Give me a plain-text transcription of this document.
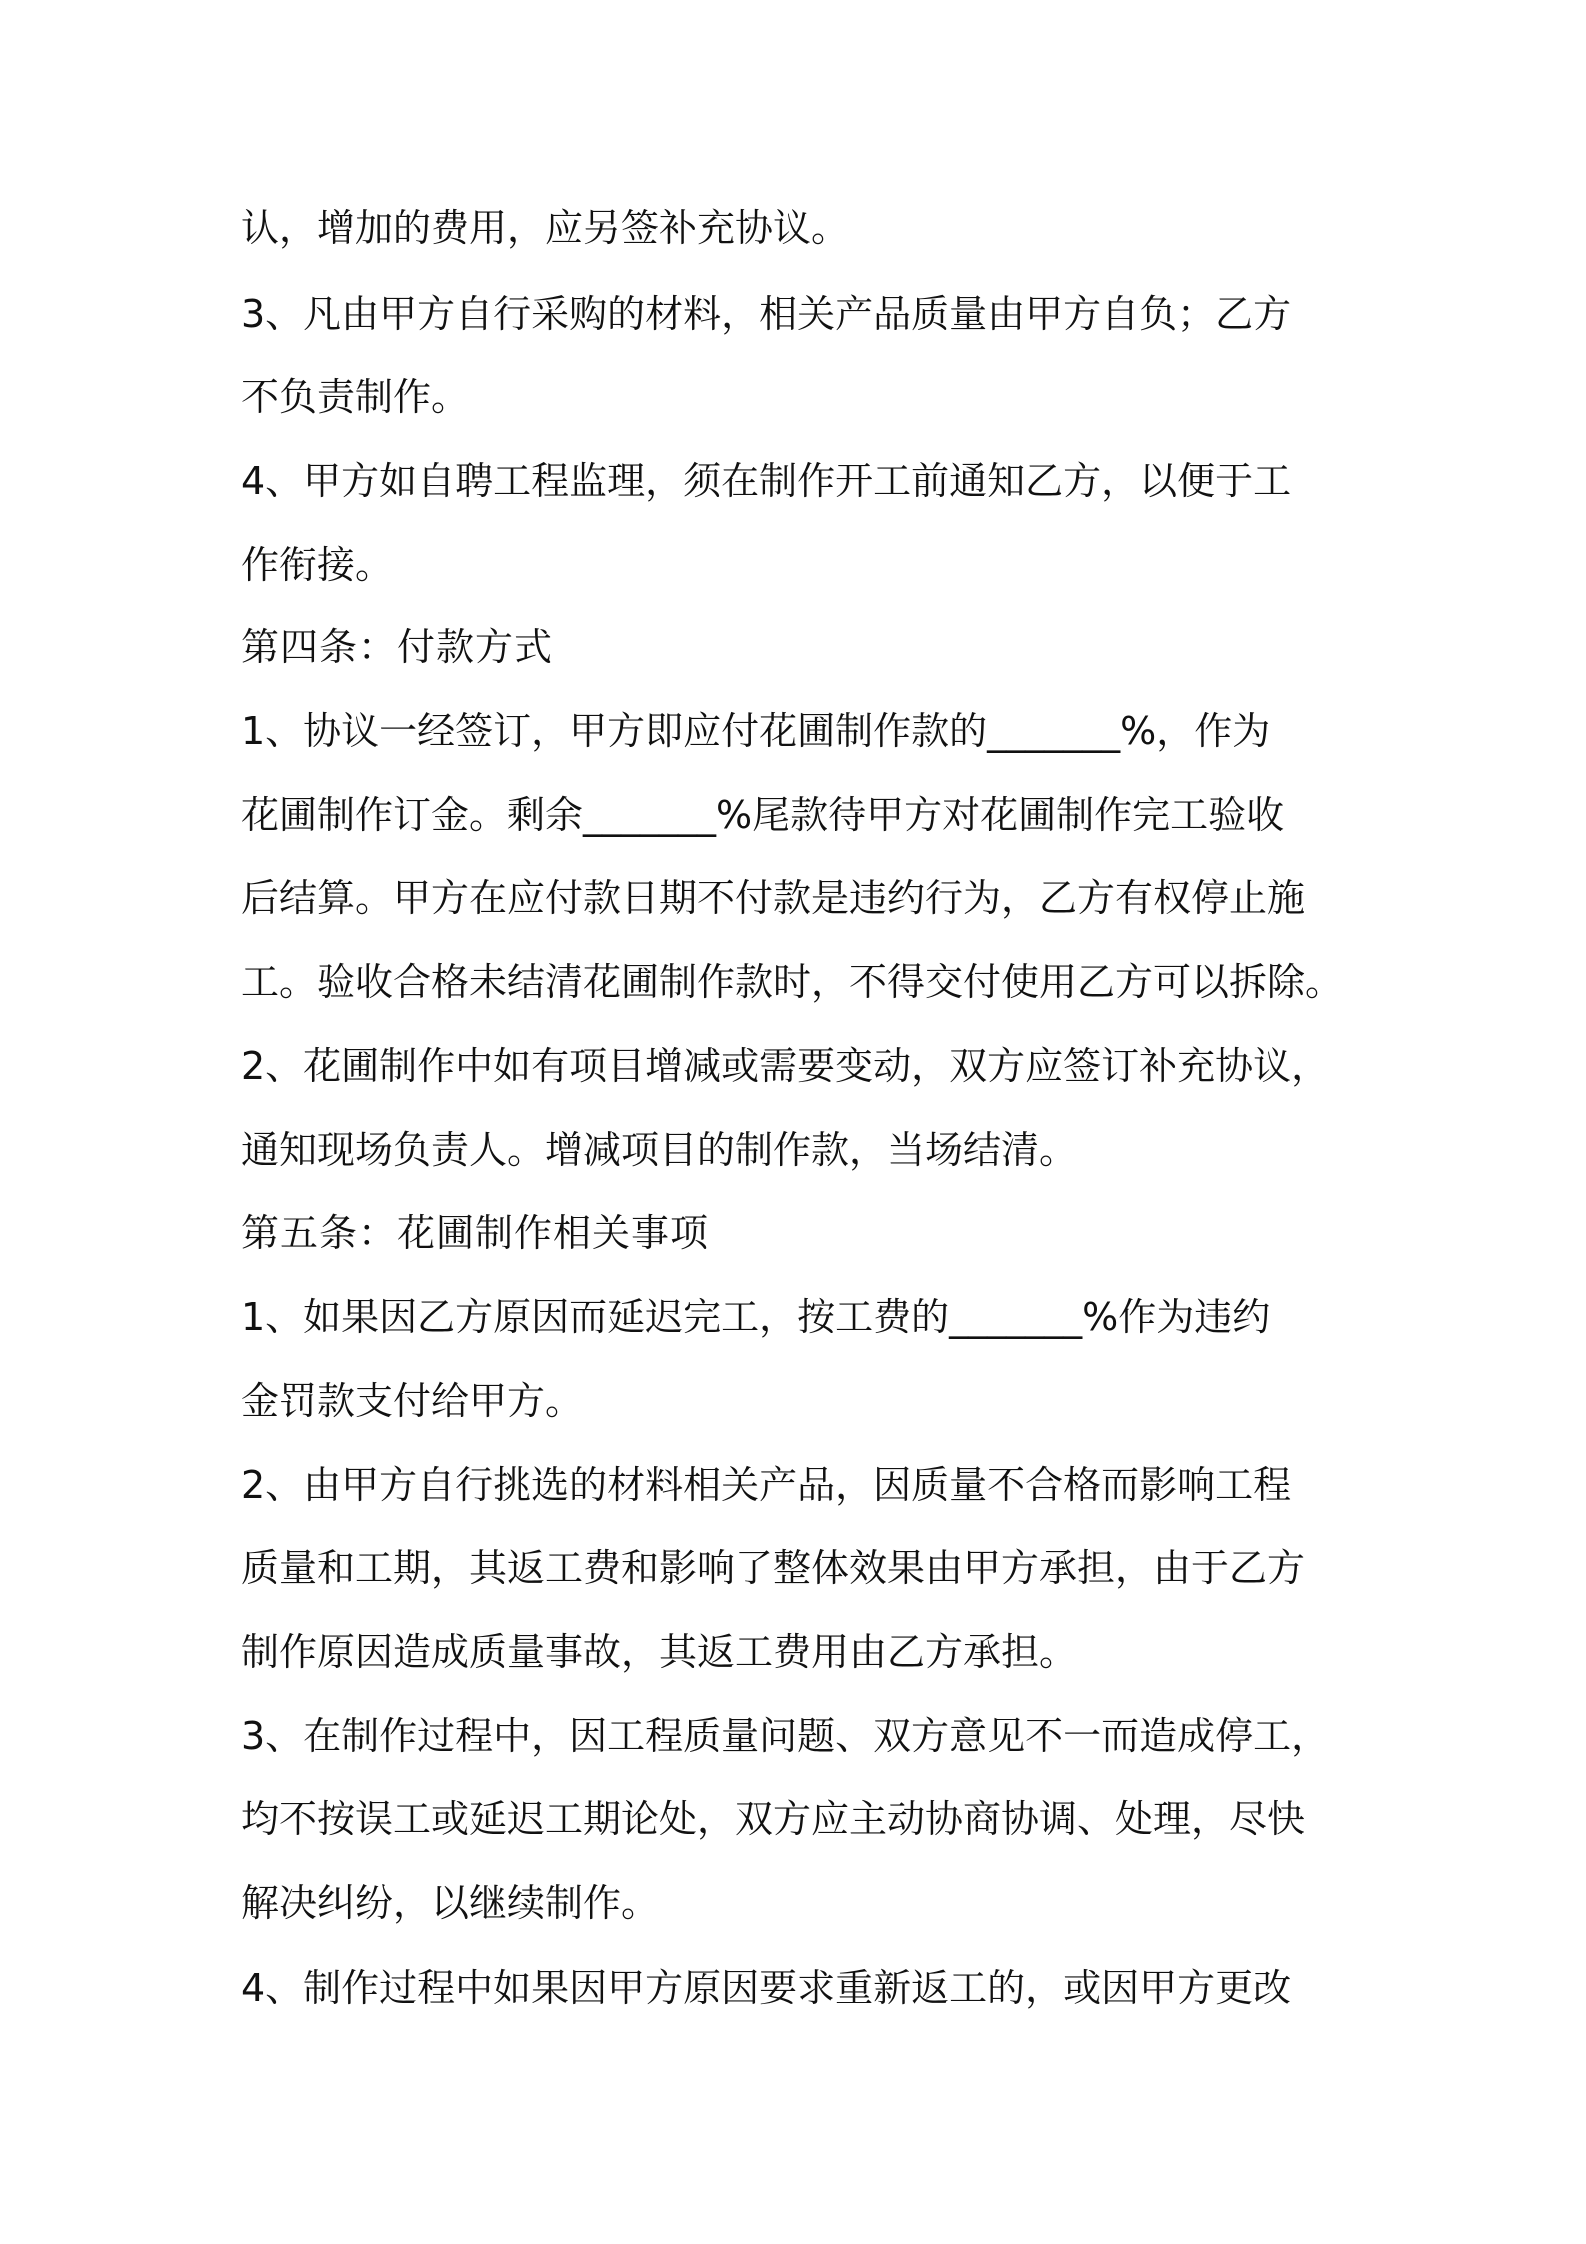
认，增加的费用，应另签补充协议。
3、凡由甲方自行采购的材料，相关产品质量由甲方自负；乙方
不负责制作。
4、甲方如自聘工程监理，须在制作开工前通知乙方，以便于工
作衔接。
第四条：付款方式
1、协议一经签订，甲方即应付花圃制作款的_______%，作为
花圃制作订金。剩余_______%尾款待甲方对花圃制作完工验收
后结算。甲方在应付款日期不付款是违约行为，乙方有权停止施
工。验收合格未结清花圃制作款时，不得交付使用乙方可以拆除。
2、花圃制作中如有项目增减或需要变动，双方应签订补充协议，
通知现场负责人。增减项目的制作款，当场结清。
第五条：花圃制作相关事项
1、如果因乙方原因而延迟完工，按工费的_______%作为违约
金罚款支付给甲方。
2、由甲方自行挑选的材料相关产品，因质量不合格而影响工程
质量和工期，其返工费和影响了整体效果由甲方承担，由于乙方
制作原因造成质量事故，其返工费用由乙方承担。
3、在制作过程中，因工程质量问题、双方意见不一而造成停工，
均不按误工或延迟工期论处，双方应主动协商协调、处理，尽快
解决纠纷，以继续制作。
4、制作过程中如果因甲方原因要求重新返工的，或因甲方更改
